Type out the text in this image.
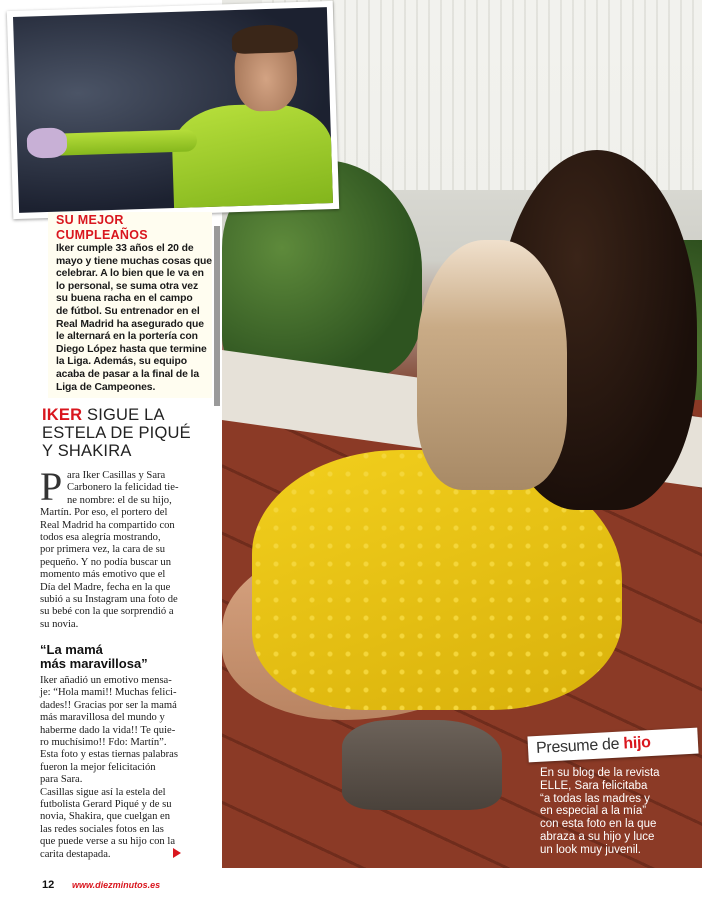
SU MEJOR
CUMPLEAÑOS
Iker cumple 33 años el 20 de
mayo y tiene muchas cosas que
celebrar. A lo bien que le va en
lo personal, se suma otra vez
su buena racha en el campo
de fútbol. Su entrenador en el
Real Madrid ha asegurado que
le alternará en la portería con
Diego López hasta que termine
la Liga. Además, su equipo
acaba de pasar a la final de la
Liga de Campeones.
IKER SIGUE LA
ESTELA DE PIQUÉ
Y SHAKIRA
P ara Iker Casillas y Sara
Carbonero la felicidad tie-
ne nombre: el de su hijo,
Martín. Por eso, el portero del
Real Madrid ha compartido con
todos esa alegría mostrando,
por primera vez, la cara de su
pequeño. Y no podía buscar un
momento más emotivo que el
Día del Madre, fecha en la que
subió a su Instagram una foto de
su bebé con la que sorprendió a
su novia.
“La mamá
más maravillosa”
Iker añadió un emotivo mensa-
je: “Hola mami!! Muchas felici-
dades!! Gracias por ser la mamá
más maravillosa del mundo y
haberme dado la vida!! Te quie-
ro muchísimo!! Fdo: Martín”.
Esta foto y estas tiernas palabras
fueron la mejor felicitación
para Sara.
Casillas sigue así la estela del
futbolista Gerard Piqué y de su
novia, Shakira, que cuelgan en
las redes sociales fotos en las
que puede verse a su hijo con la
carita destapada.
12 www.diezminutos.es
Presume de hijo
En su blog de la revista
ELLE, Sara felicitaba
“a todas las madres y
en especial a la mía”
con esta foto en la que
abraza a su hijo y luce
un look muy juvenil.
